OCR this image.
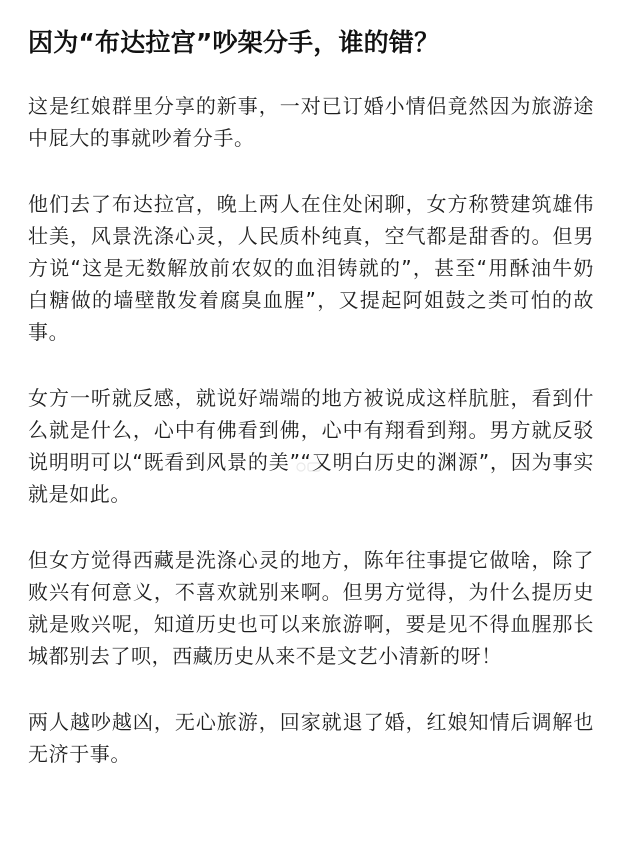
因为“布达拉宫”吵架分手，谁的错？

这是红娘群里分享的新事，一对已订婚小情侣竟然因为旅游途中屁大的事就吵着分手。

他们去了布达拉宫，晚上两人在住处闲聊，女方称赞建筑雄伟壮美，风景洗涤心灵，人民质朴纯真，空气都是甜香的。但男方说“这是无数解放前农奴的血泪铸就的”，甚至“用酥油牛奶白糖做的墙壁散发着腐臭血腥”，又提起阿姐鼓之类可怕的故事。

女方一听就反感，就说好端端的地方被说成这样肮脏，看到什么就是什么，心中有佛看到佛，心中有翔看到翔。男方就反驳说明明可以“既看到风景的美”“又明白历史的渊源”，因为事实就是如此。

但女方觉得西藏是洗涤心灵的地方，陈年往事提它做啥，除了败兴有何意义，不喜欢就别来啊。但男方觉得，为什么提历史就是败兴呢，知道历史也可以来旅游啊，要是见不得血腥那长城都别去了呗，西藏历史从来不是文艺小清新的呀！

两人越吵越凶，无心旅游，回家就退了婚，红娘知情后调解也无济于事。
